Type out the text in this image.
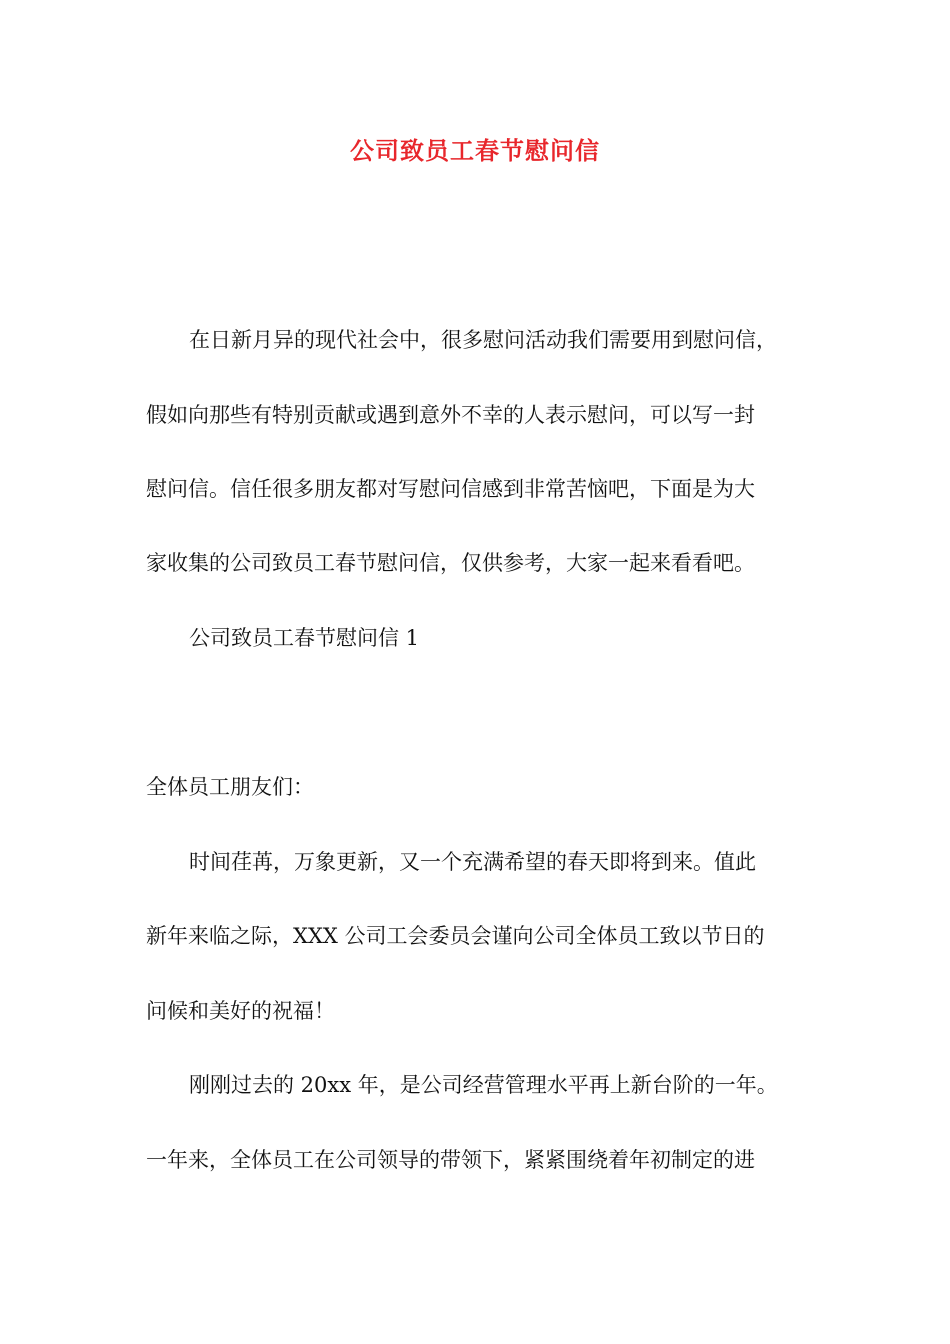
公司致员工春节慰问信
在日新月异的现代社会中，很多慰问活动我们需要用到慰问信，
假如向那些有特别贡献或遇到意外不幸的人表示慰问，可以写一封
慰问信。信任很多朋友都对写慰问信感到非常苦恼吧，下面是为大
家收集的公司致员工春节慰问信，仅供参考，大家一起来看看吧。
公司致员工春节慰问信 1
全体员工朋友们：
时间荏苒，万象更新，又一个充满希望的春天即将到来。值此
新年来临之际，XXX 公司工会委员会谨向公司全体员工致以节日的
问候和美好的祝福！
刚刚过去的 20xx 年，是公司经营管理水平再上新台阶的一年。
一年来，全体员工在公司领导的带领下，紧紧围绕着年初制定的进
